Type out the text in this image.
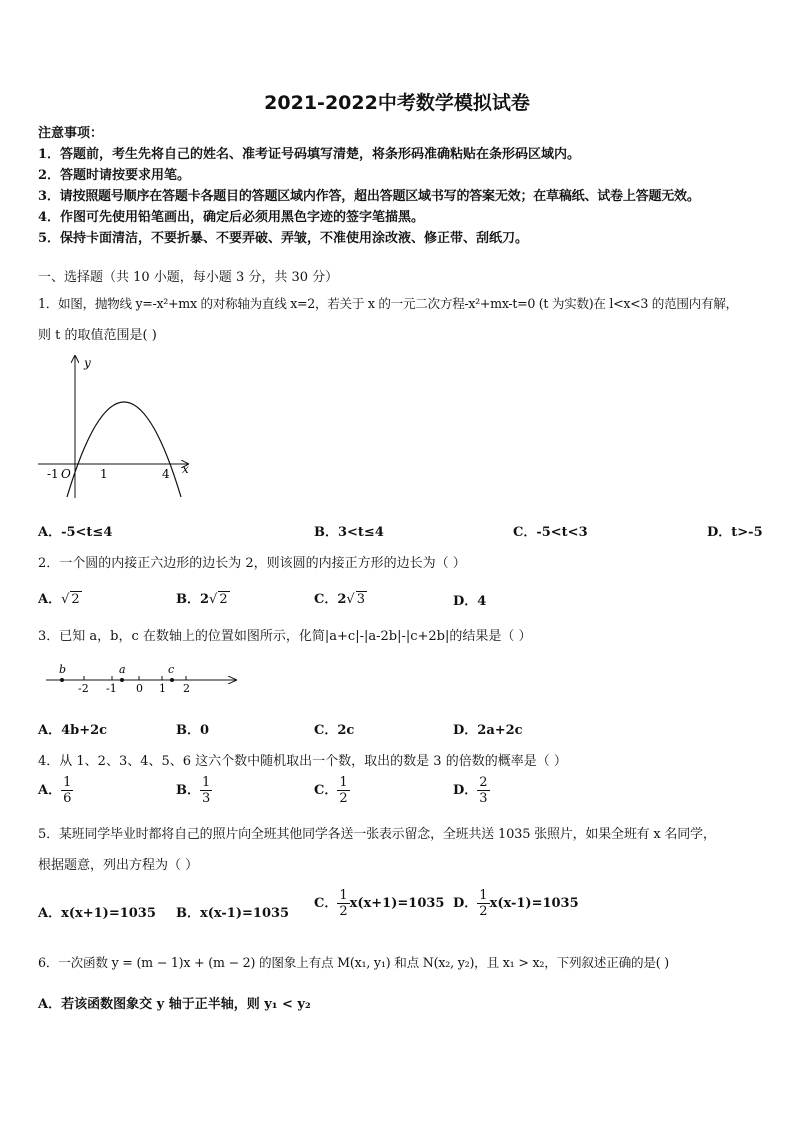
2021-2022中考数学模拟试卷
注意事项：
1．答题前，考生先将自己的姓名、准考证号码填写清楚，将条形码准确粘贴在条形码区域内。
2．答题时请按要求用笔。
3．请按照题号顺序在答题卡各题目的答题区域内作答，超出答题区域书写的答案无效；在草稿纸、试卷上答题无效。
4．作图可先使用铅笔画出，确定后必须用黑色字迹的签字笔描黑。
5．保持卡面清洁，不要折暴、不要弄破、弄皱，不准使用涂改液、修正带、刮纸刀。
一、选择题（共 10 小题，每小题 3 分，共 30 分）
1．如图，抛物线 y=-x²+mx 的对称轴为直线 x=2，若关于 x 的一元二次方程-x²+mx-t=0 (t 为实数)在 l<x<3 的范围内有解，
则 t 的取值范围是( )
y
x
-1 O 1	4
A．-5<t≤4	B．3<t≤4	C．-5<t<3	D．t>-5
2．一个圆的内接正六边形的边长为 2，则该圆的内接正方形的边长为（ ）
A．√ 2	B．2√ 2	C．2√ 3	D．4
3．已知 a，b，c 在数轴上的位置如图所示，化简|a+c|-|a-2b|-|c+2b|的结果是（ ）
b	a	c
-2 -1 0 1 2
A．4b+2c	B．0	C．2c	D．2a+2c
4．从 1、2、3、4、5、6 这六个数中随机取出一个数，取出的数是 3 的倍数的概率是（ ）
A． $\frac{1}{6}$	B． $\frac{1}{3}$	C． $\frac{1}{2}$	D． $\frac{2}{3}$
5．某班同学毕业时都将自己的照片向全班其他同学各送一张表示留念，全班共送 1035 张照片，如果全班有 x 名同学，
根据题意，列出方程为（ ）
A．x(x+1)=1035 B．x(x-1)=1035
C． $\frac{1}{2} x(x+1)=1035$ D． $\frac{1}{2} x(x-1)=1035$
6．一次函数 y = (m − 1)x + (m − 2) 的图象上有点 M(x₁, y₁) 和点 N(x₂, y₂)，且 x₁ > x₂，下列叙述正确的是( )
A．若该函数图象交 y 轴于正半轴，则 y₁ < y₂
